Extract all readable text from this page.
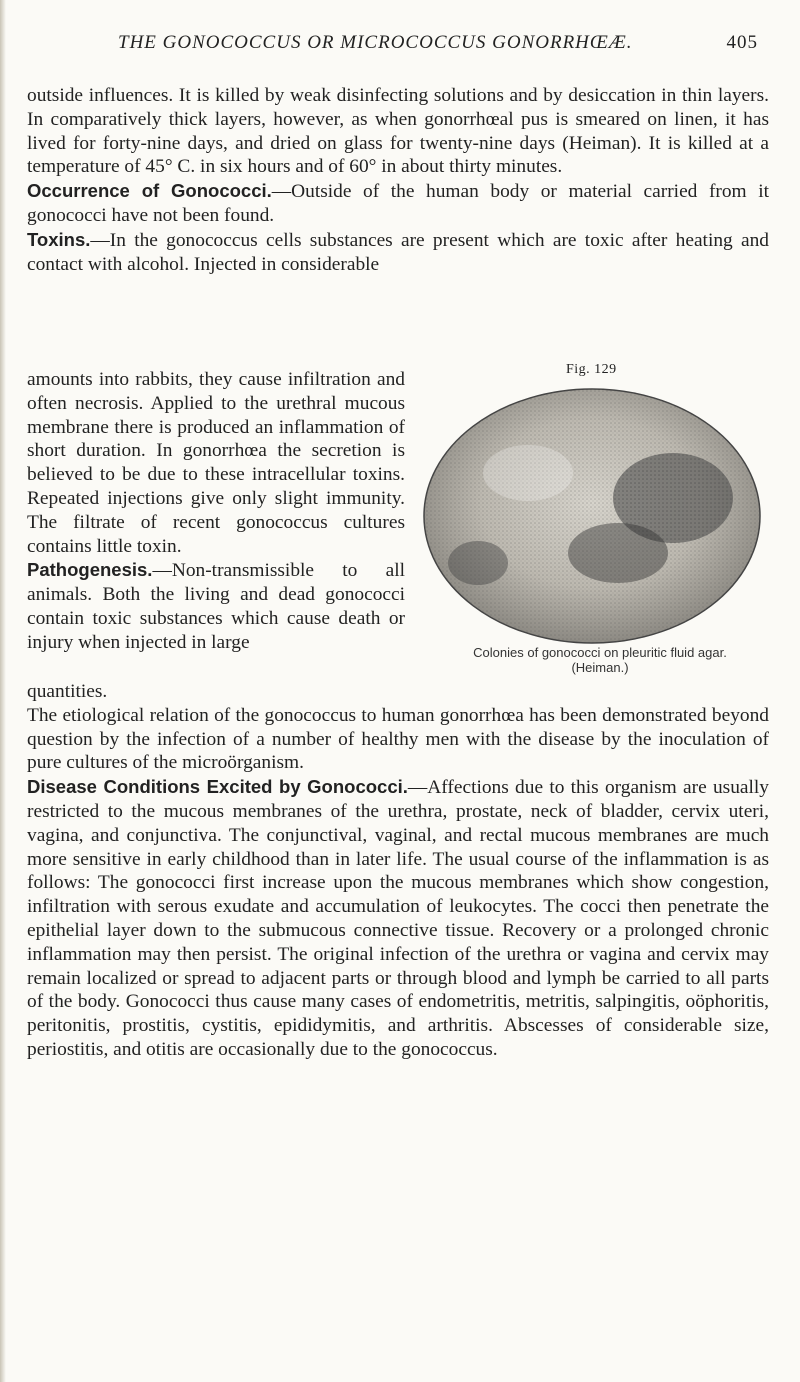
THE GONOCOCCUS OR MICROCOCCUS GONORRHŒÆ.	405

outside influences. It is killed by weak disinfecting solutions and by desiccation in thin layers. In comparatively thick layers, however, as when gonorrhœal pus is smeared on linen, it has lived for forty-nine days, and dried on glass for twenty-nine days (Heiman). It is killed at a temperature of 45° C. in six hours and of 60° in about thirty minutes.

Occurrence of Gonococci.—Outside of the human body or material carried from it gonococci have not been found.

Toxins.—In the gonococcus cells substances are present which are toxic after heating and contact with alcohol. Injected in considerable

amounts into rabbits, they cause infiltration and often necrosis. Applied to the urethral mucous membrane there is produced an inflammation of short duration. In gonorrhœa the secretion is believed to be due to these intracellular toxins. Repeated injections give only slight immunity. The filtrate of recent gonococcus cultures contains little toxin.

Pathogenesis.—Non-transmissible to all animals. Both the living and dead gonococci contain toxic substances which cause death or injury when injected in large

Fig. 129
Colonies of gonococci on pleuritic fluid agar.
(Heiman.)

quantities.

The etiological relation of the gonococcus to human gonorrhœa has been demonstrated beyond question by the infection of a number of healthy men with the disease by the inoculation of pure cultures of the microörganism.

Disease Conditions Excited by Gonococci.—Affections due to this organism are usually restricted to the mucous membranes of the urethra, prostate, neck of bladder, cervix uteri, vagina, and conjunctiva. The conjunctival, vaginal, and rectal mucous membranes are much more sensitive in early childhood than in later life. The usual course of the inflammation is as follows: The gonococci first increase upon the mucous membranes which show congestion, infiltration with serous exudate and accumulation of leukocytes. The cocci then penetrate the epithelial layer down to the submucous connective tissue. Recovery or a prolonged chronic inflammation may then persist. The original infection of the urethra or vagina and cervix may remain localized or spread to adjacent parts or through blood and lymph be carried to all parts of the body. Gonococci thus cause many cases of endometritis, metritis, salpingitis, oöphoritis, peritonitis, prostitis, cystitis, epididymitis, and arthritis. Abscesses of considerable size, periostitis, and otitis are occasionally due to the gonococcus.
